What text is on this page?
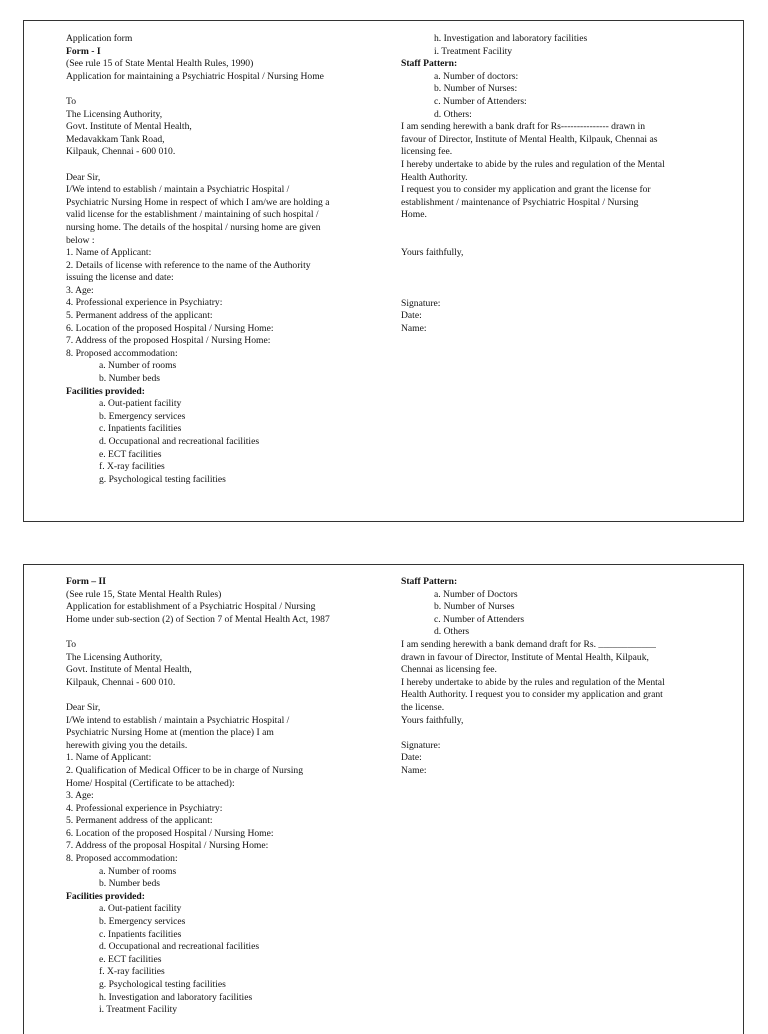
Application form
Form - I
(See rule 15 of State Mental Health Rules, 1990)
Application for maintaining a Psychiatric Hospital / Nursing Home
To
The Licensing Authority,
Govt. Institute of Mental Health,
Medavakkam Tank Road,
Kilpauk, Chennai - 600 010.
Dear Sir,
I/We intend to establish / maintain a Psychiatric Hospital /
Psychiatric Nursing Home in respect of which I am/we are holding a
valid license for the establishment / maintaining of such hospital /
nursing home. The details of the hospital / nursing home are given
below :
1. Name of Applicant:
2. Details of license with reference to the name of the Authority
issuing the license and date:
3. Age:
4. Professional experience in Psychiatry:
5. Permanent address of the applicant:
6. Location of the proposed Hospital / Nursing Home:
7. Address of the proposed Hospital / Nursing Home:
8. Proposed accommodation:
a. Number of rooms
b. Number beds
Facilities provided:
a. Out-patient facility
b. Emergency services
c. Inpatients facilities
d. Occupational and recreational facilities
e. ECT facilities
f. X-ray facilities
g. Psychological testing facilities
h. Investigation and laboratory facilities
i. Treatment Facility
Staff Pattern:
a. Number of doctors:
b. Number of Nurses:
c. Number of Attenders:
d. Others:
I am sending herewith a bank draft for Rs--------------- drawn in
favour of Director, Institute of Mental Health, Kilpauk, Chennai as
licensing fee.
I hereby undertake to abide by the rules and regulation of the Mental
Health Authority.
I request you to consider my application and grant the license for
establishment / maintenance of Psychiatric Hospital / Nursing
Home.
Yours faithfully,
Signature:
Date:
Name:
Form – II
(See rule 15, State Mental Health Rules)
Application for establishment of a Psychiatric Hospital / Nursing
Home under sub-section (2) of Section 7 of Mental Health Act, 1987
To
The Licensing Authority,
Govt. Institute of Mental Health,
Kilpauk, Chennai - 600 010.
Dear Sir,
I/We intend to establish / maintain a Psychiatric Hospital /
Psychiatric Nursing Home at (mention the place) I am
herewith giving you the details.
1. Name of Applicant:
2. Qualification of Medical Officer to be in charge of Nursing
Home/ Hospital (Certificate to be attached):
3. Age:
4. Professional experience in Psychiatry:
5. Permanent address of the applicant:
6. Location of the proposed Hospital / Nursing Home:
7. Address of the proposal Hospital / Nursing Home:
8. Proposed accommodation:
a. Number of rooms
b. Number beds
Facilities provided:
a. Out-patient facility
b. Emergency services
c. Inpatients facilities
d. Occupational and recreational facilities
e. ECT facilities
f. X-ray facilities
g. Psychological testing facilities
h. Investigation and laboratory facilities
i. Treatment Facility
Staff Pattern:
a. Number of Doctors
b. Number of Nurses
c. Number of Attenders
d. Others
I am sending herewith a bank demand draft for Rs. ____________
drawn in favour of Director, Institute of Mental Health, Kilpauk,
Chennai as licensing fee.
I hereby undertake to abide by the rules and regulation of the Mental
Health Authority. I request you to consider my application and grant
the license.
Yours faithfully,
Signature:
Date:
Name:
